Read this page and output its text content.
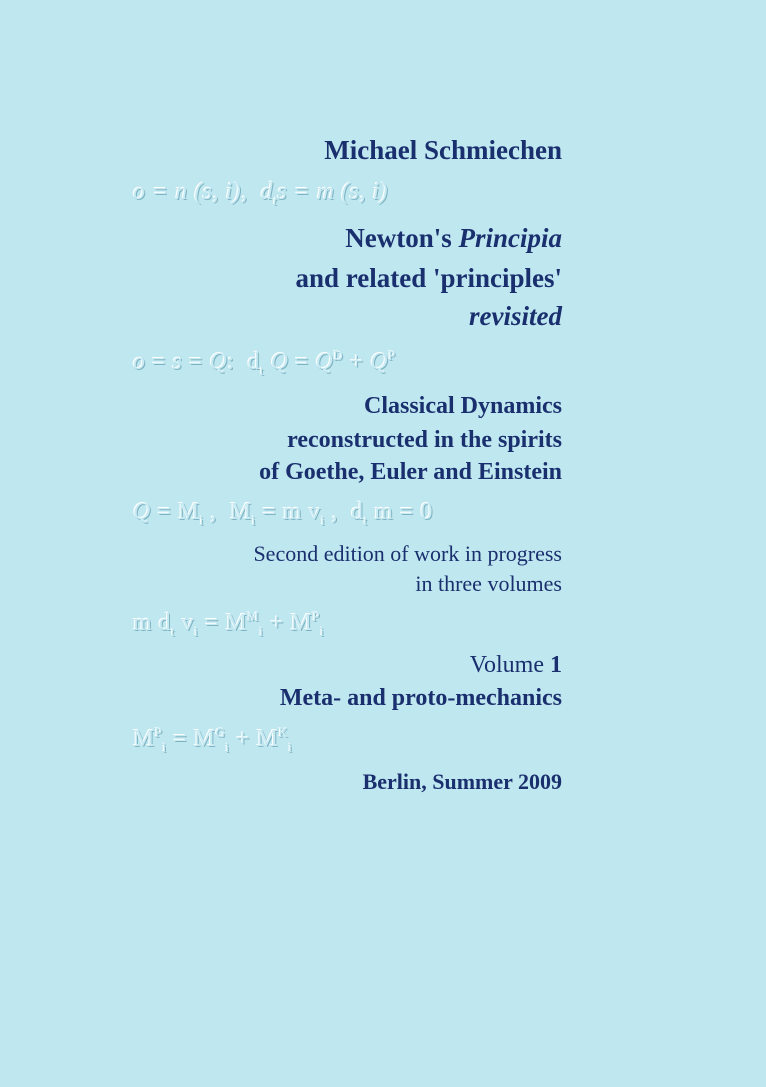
Michael Schmiechen
o = n (s, i),  $d_ts = m$ (s, i)
Newton's Principia
and related 'principles'
revisited
o = s = Q:  $d_t$ $Q = Q^D + Q^P$
Classical Dynamics
reconstructed in the spirits
of Goethe, Euler and Einstein
$Q = M_i$ ,  $M_i = m$ $v_i$ ,  $d_t$ m = 0
Second edition of work in progress
in three volumes
m $d_t$ $v_i = M^M_i + M^P_i$
Volume 1
Meta- and proto-mechanics
$M^P_i = M^G_i + M^K_i$
Berlin, Summer 2009
